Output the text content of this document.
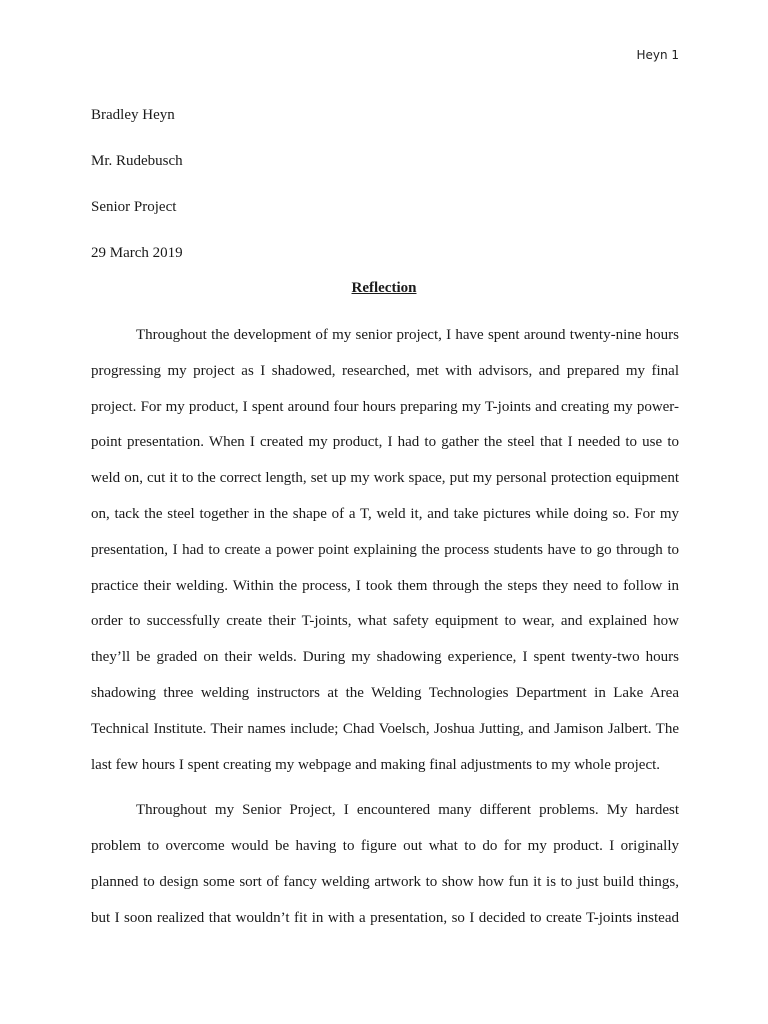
Heyn 1
Bradley Heyn
Mr. Rudebusch
Senior Project
29 March 2019
Reflection
Throughout the development of my senior project, I have spent around twenty-nine hours
progressing my project as I shadowed, researched, met with advisors, and prepared my final
project. For my product, I spent around four hours preparing my T-joints and creating my power-
point presentation. When I created my product, I had to gather the steel that I needed to use to
weld on, cut it to the correct length, set up my work space, put my personal protection equipment
on, tack the steel together in the shape of a T, weld it, and take pictures while doing so. For my
presentation, I had to create a power point explaining the process students have to go through to
practice their welding. Within the process, I took them through the steps they need to follow in
order to successfully create their T-joints, what safety equipment to wear, and explained how
they’ll be graded on their welds. During my shadowing experience, I spent twenty-two hours
shadowing three welding instructors at the Welding Technologies Department in Lake Area
Technical Institute. Their names include; Chad Voelsch, Joshua Jutting, and Jamison Jalbert. The
last few hours I spent creating my webpage and making final adjustments to my whole project.
Throughout my Senior Project, I encountered many different problems. My hardest
problem to overcome would be having to figure out what to do for my product. I originally
planned to design some sort of fancy welding artwork to show how fun it is to just build things,
but I soon realized that wouldn’t fit in with a presentation, so I decided to create T-joints instead
